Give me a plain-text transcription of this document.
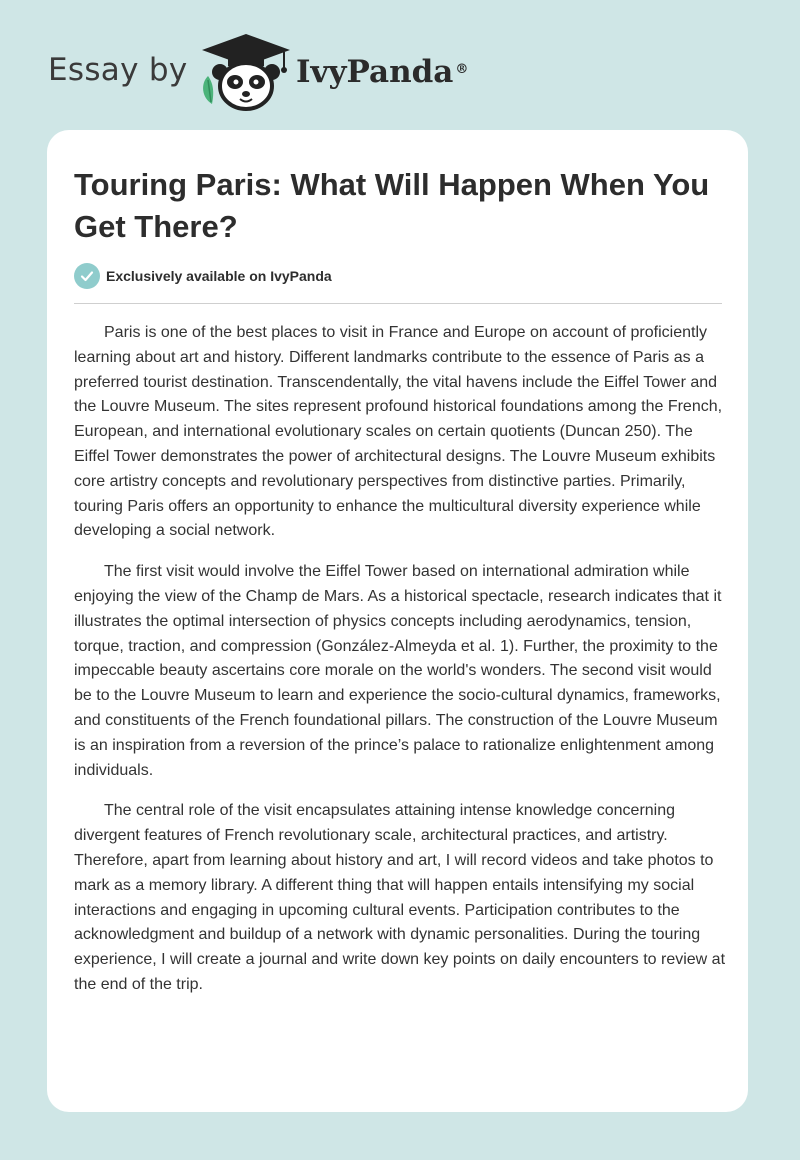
Essay by	IvyPanda ®
Touring Paris: What Will Happen When You Get There?
Exclusively available on IvyPanda

Paris is one of the best places to visit in France and Europe on account of proficiently learning about art and history. Different landmarks contribute to the essence of Paris as a preferred tourist destination. Transcendentally, the vital havens include the Eiffel Tower and the Louvre Museum. The sites represent profound historical foundations among the French, European, and international evolutionary scales on certain quotients (Duncan 250). The Eiffel Tower demonstrates the power of architectural designs. The Louvre Museum exhibits core artistry concepts and revolutionary perspectives from distinctive parties. Primarily, touring Paris offers an opportunity to enhance the multicultural diversity experience while developing a social network.

The first visit would involve the Eiffel Tower based on international admiration while enjoying the view of the Champ de Mars. As a historical spectacle, research indicates that it illustrates the optimal intersection of physics concepts including aerodynamics, tension, torque, traction, and compression (González-Almeyda et al. 1). Further, the proximity to the impeccable beauty ascertains core morale on the world's wonders. The second visit would be to the Louvre Museum to learn and experience the socio-cultural dynamics, frameworks, and constituents of the French foundational pillars. The construction of the Louvre Museum is an inspiration from a reversion of the prince’s palace to rationalize enlightenment among individuals.

The central role of the visit encapsulates attaining intense knowledge concerning divergent features of French revolutionary scale, architectural practices, and artistry. Therefore, apart from learning about history and art, I will record videos and take photos to mark as a memory library. A different thing that will happen entails intensifying my social interactions and engaging in upcoming cultural events. Participation contributes to the acknowledgment and buildup of a network with dynamic personalities. During the touring experience, I will create a journal and write down key points on daily encounters to review at the end of the trip.
